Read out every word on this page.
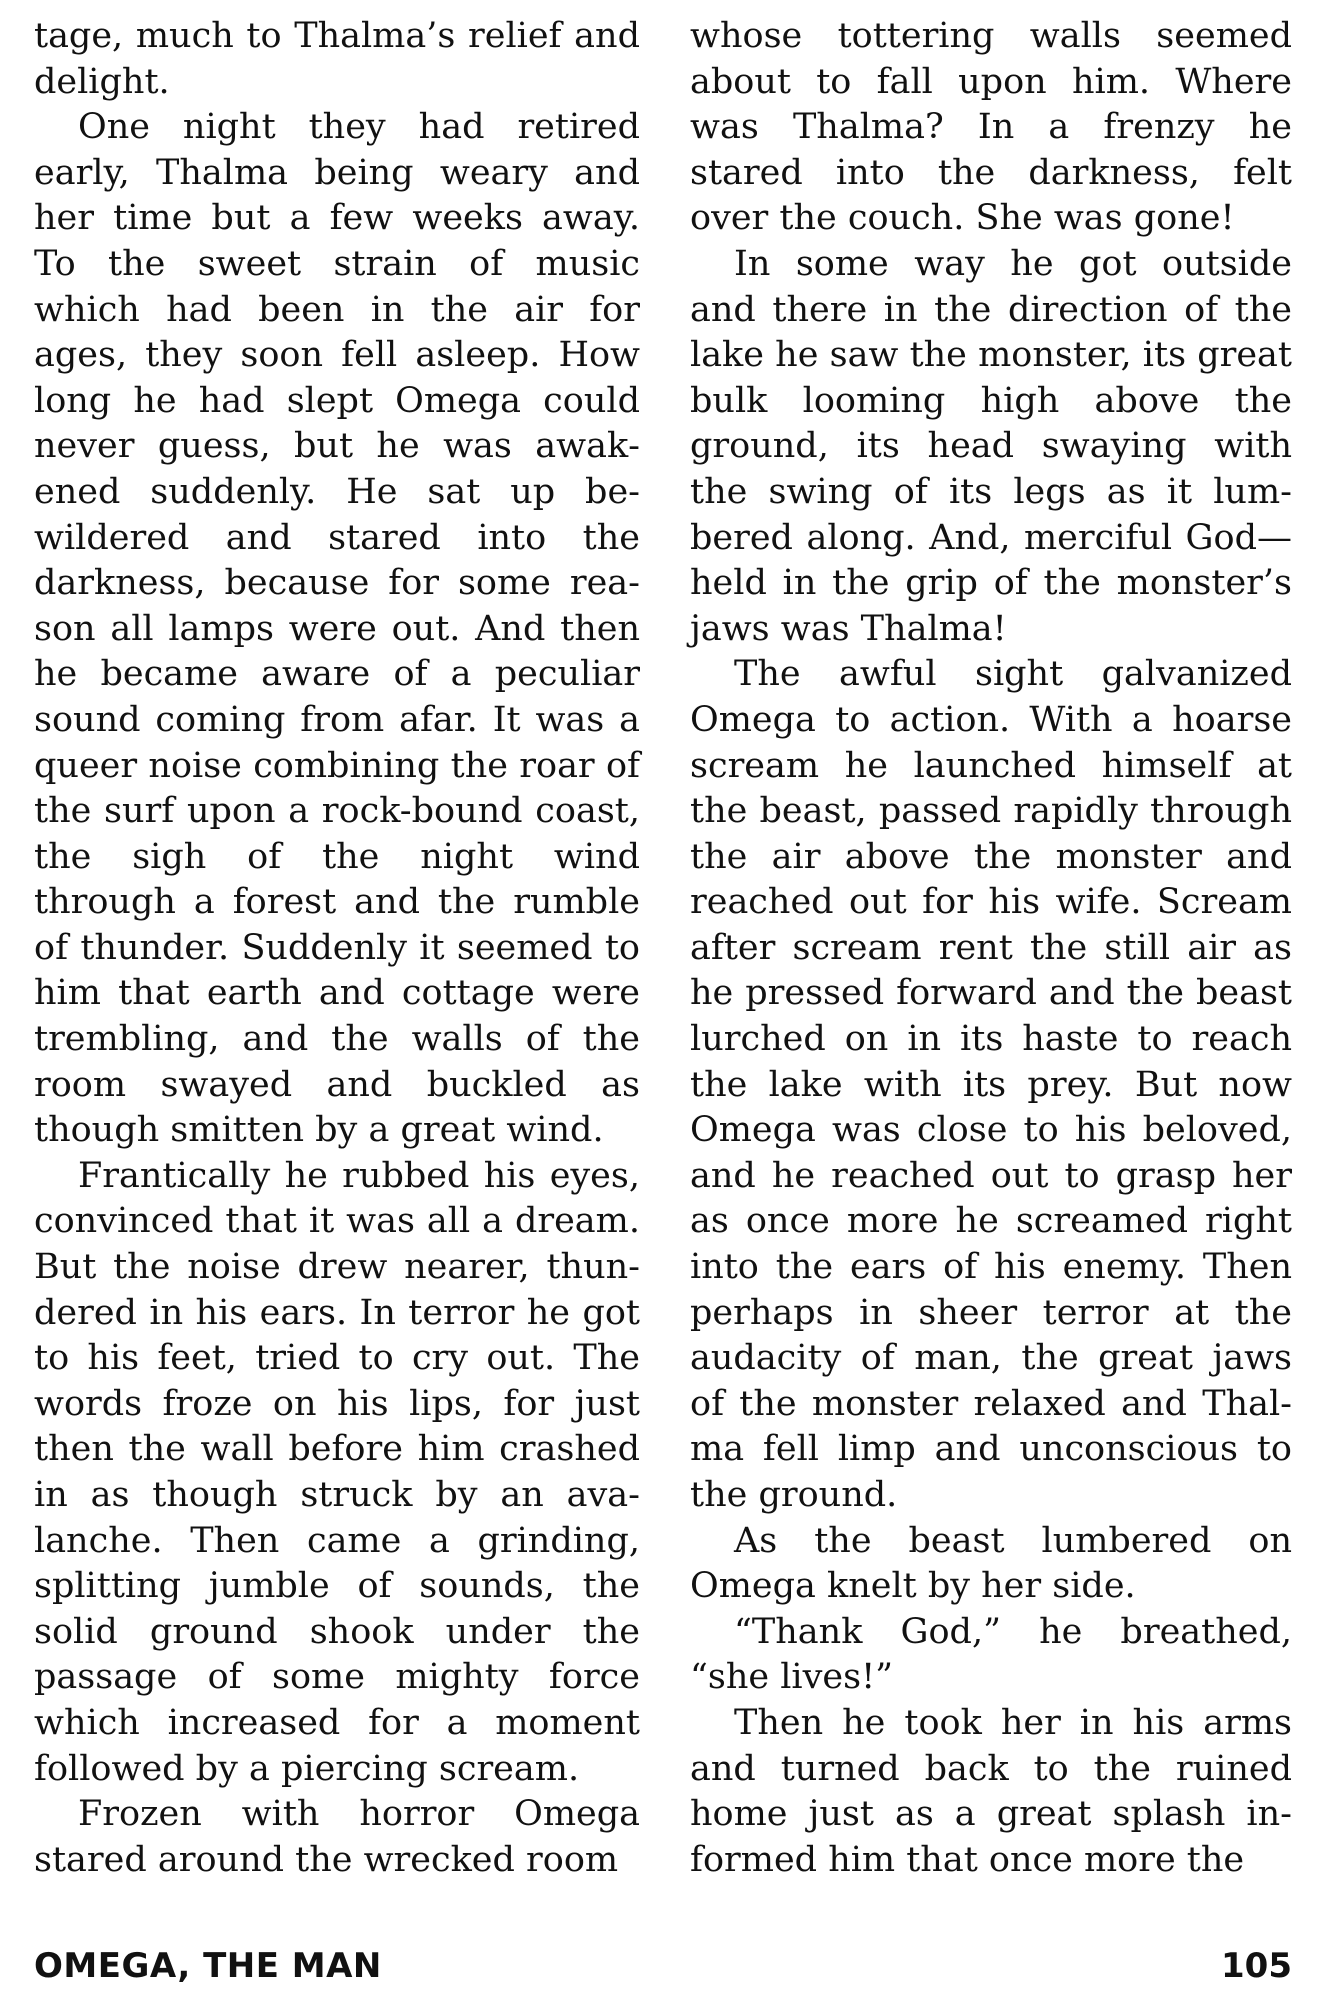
tage, much to Thalma’s relief and delight.

One night they had retired early, Thalma being weary and her time but a few weeks away. To the sweet strain of music which had been in the air for ages, they soon fell asleep. How long he had slept Omega could never guess, but he was awakened suddenly. He sat up bewildered and stared into the darkness, because for some reason all lamps were out. And then he became aware of a peculiar sound coming from afar. It was a queer noise combining the roar of the surf upon a rock-bound coast, the sigh of the night wind through a forest and the rumble of thunder. Suddenly it seemed to him that earth and cottage were trembling, and the walls of the room swayed and buckled as though smitten by a great wind.

Frantically he rubbed his eyes, convinced that it was all a dream. But the noise drew nearer, thundered in his ears. In terror he got to his feet, tried to cry out. The words froze on his lips, for just then the wall before him crashed in as though struck by an avalanche. Then came a grinding, splitting jumble of sounds, the solid ground shook under the passage of some mighty force which increased for a moment followed by a piercing scream.

Frozen with horror Omega stared around the wrecked room

whose tottering walls seemed about to fall upon him. Where was Thalma? In a frenzy he stared into the darkness, felt over the couch. She was gone!

In some way he got outside and there in the direction of the lake he saw the monster, its great bulk looming high above the ground, its head swaying with the swing of its legs as it lumbered along. And, merciful God—held in the grip of the monster’s jaws was Thalma!

The awful sight galvanized Omega to action. With a hoarse scream he launched himself at the beast, passed rapidly through the air above the monster and reached out for his wife. Scream after scream rent the still air as he pressed forward and the beast lurched on in its haste to reach the lake with its prey. But now Omega was close to his beloved, and he reached out to grasp her as once more he screamed right into the ears of his enemy. Then perhaps in sheer terror at the audacity of man, the great jaws of the monster relaxed and Thalma fell limp and unconscious to the ground.

As the beast lumbered on Omega knelt by her side.

“Thank God,” he breathed, “she lives!”

Then he took her in his arms and turned back to the ruined home just as a great splash informed him that once more the

OMEGA, THE MAN	105
